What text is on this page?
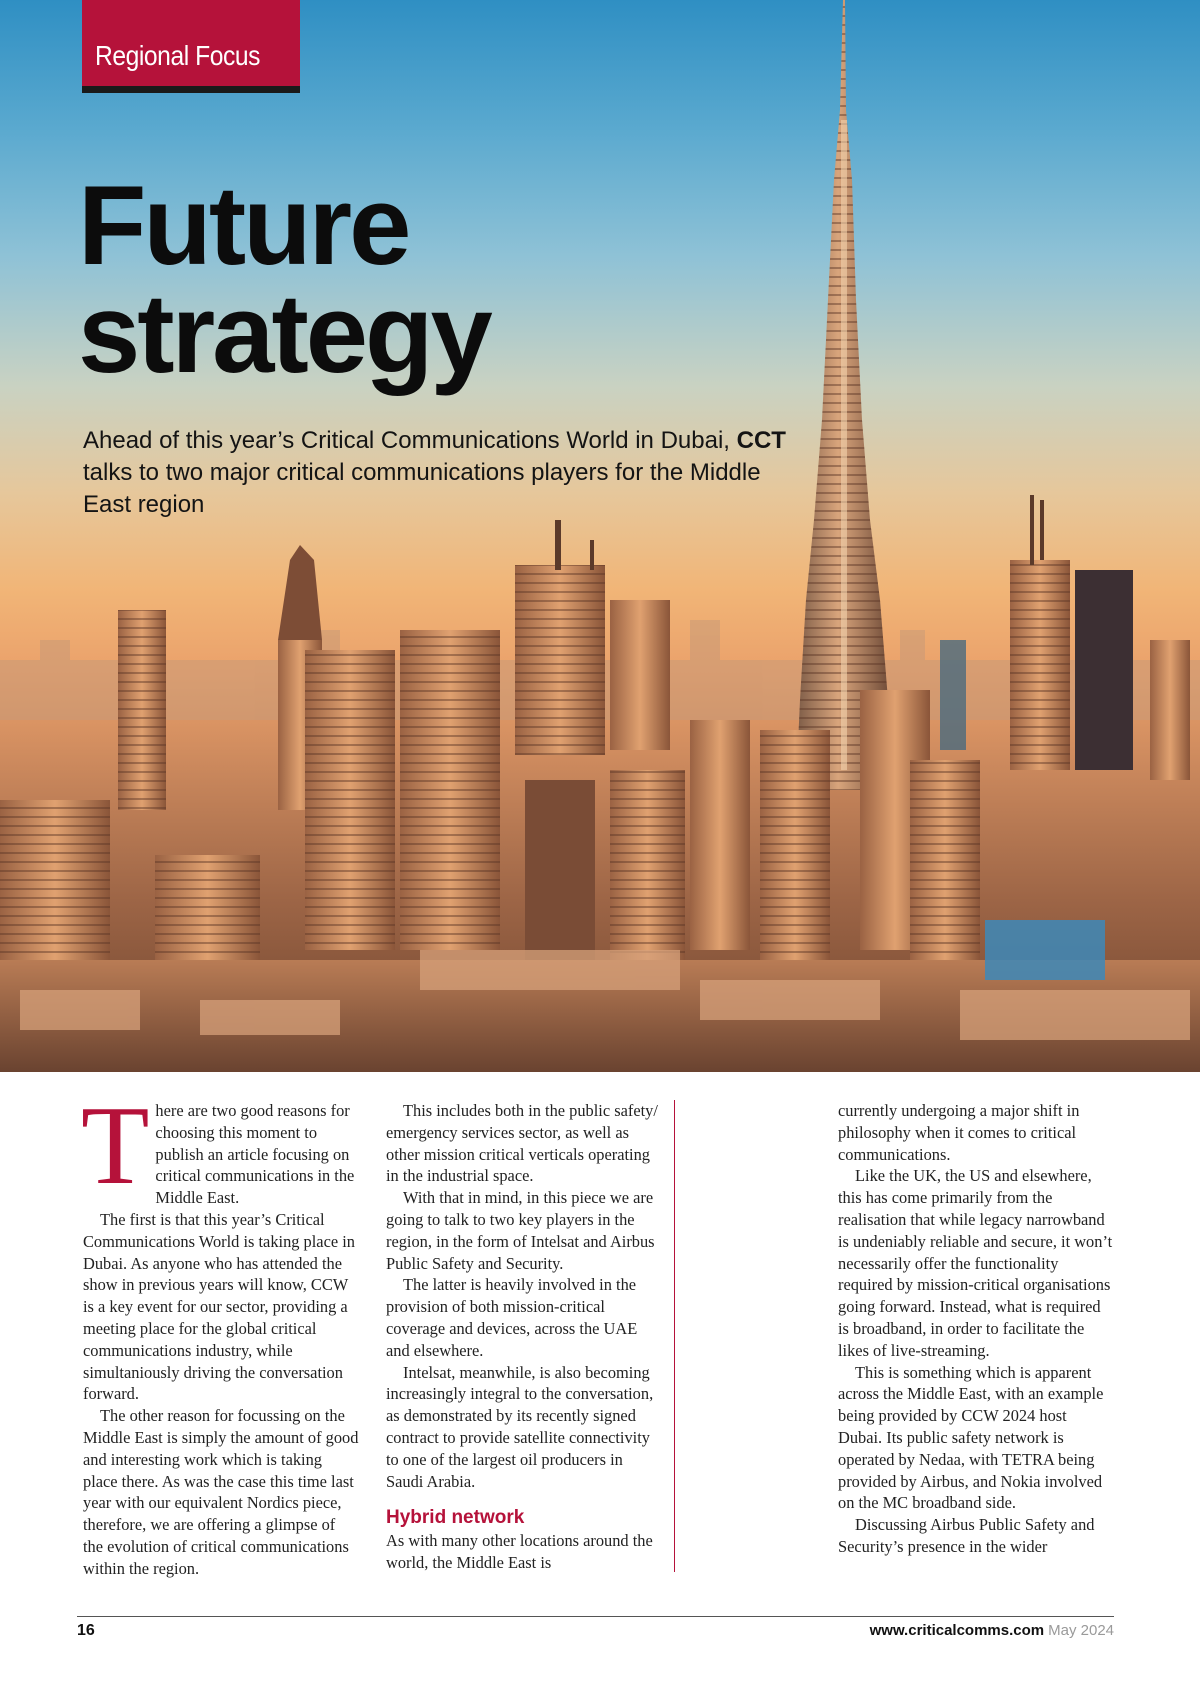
Regional Focus
Future
strategy

Ahead of this year’s Critical Communications World in Dubai, CCT talks to two major critical communications players for the Middle East region

T here are two good reasons for choosing this moment to publish an article focusing on critical communications in the Middle East.

The first is that this year’s Critical Communications World is taking place in Dubai. As anyone who has attended the show in previous years will know, CCW is a key event for our sector, providing a meeting place for the global critical communications industry, while simultaniously driving the conversation forward.

The other reason for focussing on the Middle East is simply the amount of good and interesting work which is taking place there. As was the case this time last year with our equivalent Nordics piece, therefore, we are offering a glimpse of the evolution of critical communications within the region.

This includes both in the public safety/ emergency services sector, as well as other mission critical verticals operating in the industrial space.

With that in mind, in this piece we are going to talk to two key players in the region, in the form of Intelsat and Airbus Public Safety and Security.

The latter is heavily involved in the provision of both mission-critical coverage and devices, across the UAE and elsewhere.

Intelsat, meanwhile, is also becoming increasingly integral to the conversation, as demonstrated by its recently signed contract to provide satellite connectivity to one of the largest oil producers in Saudi Arabia.

Hybrid network

As with many other locations around the world, the Middle East is

currently undergoing a major shift in philosophy when it comes to critical communications.

Like the UK, the US and elsewhere, this has come primarily from the realisation that while legacy narrowband is undeniably reliable and secure, it won’t necessarily offer the functionality required by mission-critical organisations going forward. Instead, what is required is broadband, in order to facilitate the likes of live-streaming.

This is something which is apparent across the Middle East, with an example being provided by CCW 2024 host Dubai. Its public safety network is operated by Nedaa, with TETRA being provided by Airbus, and Nokia involved on the MC broadband side.

Discussing Airbus Public Safety and Security’s presence in the wider

16	www.criticalcomms.com May 2024
